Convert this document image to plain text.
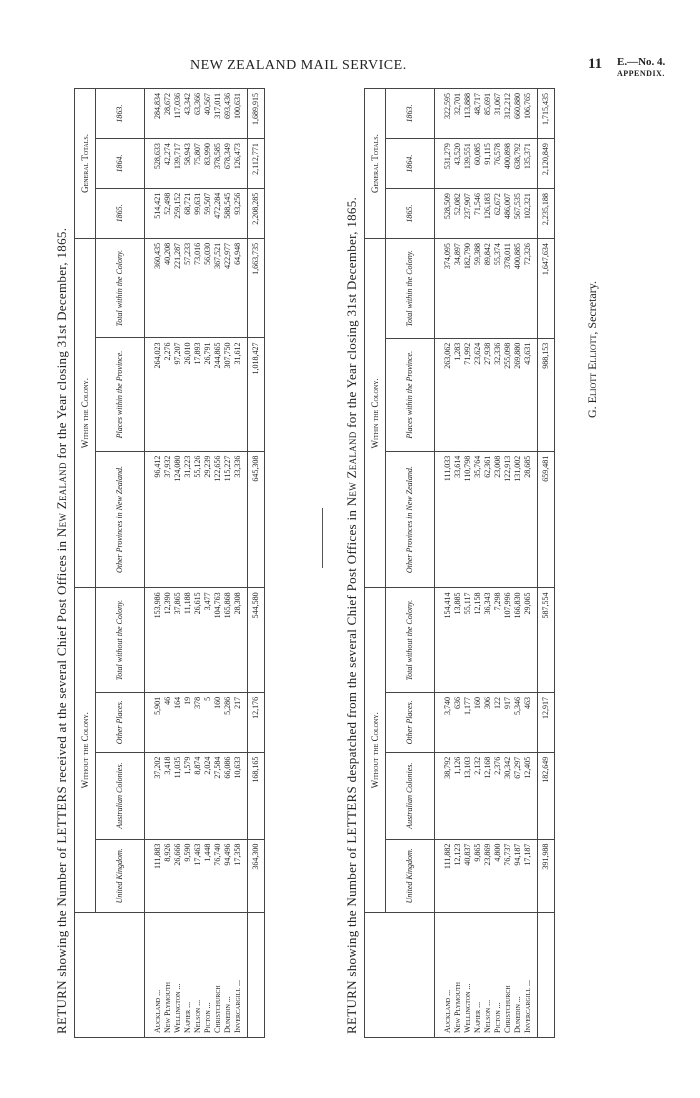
NEW ZEALAND MAIL SERVICE.	11 E.—No. 4.
APPENDIX.
RETURN showing the Number of LETTERS received at the several Chief Post Offices in New Zealand for the Year closing 31st December, 1865.
	Without the Colony.				Within the Colony.			General Totals.		
	United Kingdom.	Australian Colonies.	Other Places.	Total without the Colony.	Other Provinces in New Zealand.	Places within the Province.	Total within the Colony.	1865.	1864.	1863.
Auckland ...	111,883	37,202	5,901	153,986	96,412	264,023	360,435	514,421	528,633	284,834
New Plymouth	8,926	3,418	46	12,390	37,932	2,276	40,208	52,498	42,274	28,672
Wellington ...	26,666	11,035	164	37,865	124,080	97,207	221,287	259,152	139,717	117,036
Napier ...	9,590	1,579	19	11,188	31,223	26,010	57,233	68,721	58,943	43,342
Nelson ...	17,463	8,874	378	26,615	55,126	17,893	73,016	99,631	75,807	63,366
Picton ...	1,448	2,024	5	3,477	29,239	26,791	56,030	59,507	83,990	40,567
Christchurch	76,740	27,584	160	104,763	122,656	244,865	367,521	472,284	378,585	317,011
Dunedin ...	94,496	66,086	5,286	165,868	115,227	307,750	422,977	588,545	678,349	693,436
Invercargill ...	17,358	10,633	217	28,308	33,336	31,612	64,948	93,256	126,473	100,631
	364,300	168,165	12,176	544,580	645,308	1,018,427	1,663,735	2,208,285	2,112,771	1,689,915
RETURN showing the Number of LETTERS despatched from the several Chief Post Offices in New Zealand for the Year closing 31st December, 1865.
	Without the Colony.				Within the Colony.			General Totals.		
	United Kingdom.	Australian Colonies.	Other Places.	Total without the Colony.	Other Provinces in New Zealand.	Places within the Province.	Total within the Colony.	1865.	1864.	1863.
Auckland ...	111,882	38,792	3,740	154,414	111,033	263,062	374,095	528,509	531,279	322,595
New Plymouth	12,123	1,126	636	13,885	33,614	1,283	34,897	52,082	43,520	32,701
Wellington ...	40,837	13,103	1,177	55,117	110,798	71,992	182,790	237,907	139,551	113,888
Napier ...	9,865	2,132	160	12,158	35,764	23,624	59,388	71,546	60,085	48,717
Nelson ...	23,869	12,168	306	36,343	62,361	27,938	89,842	126,183	91,115	85,691
Picton ...	4,800	2,376	122	7,298	23,008	32,336	55,374	62,672	76,578	31,067
Christchurch	76,737	30,342	917	107,996	122,913	255,098	378,011	486,007	400,898	312,212
Dunedin ...	94,187	67,297	5,346	166,830	131,002	269,880	400,885	567,535	638,792	660,880
Invercargill ...	17,187	12,405	463	29,065	28,685	43,631	72,326	102,321	135,371	106,765
	391,988	182,649	12,917	587,554	659,481	988,153	1,647,634	2,235,188	2,120,849	1,715,435
G. Eliott Elliott, Secretary.
